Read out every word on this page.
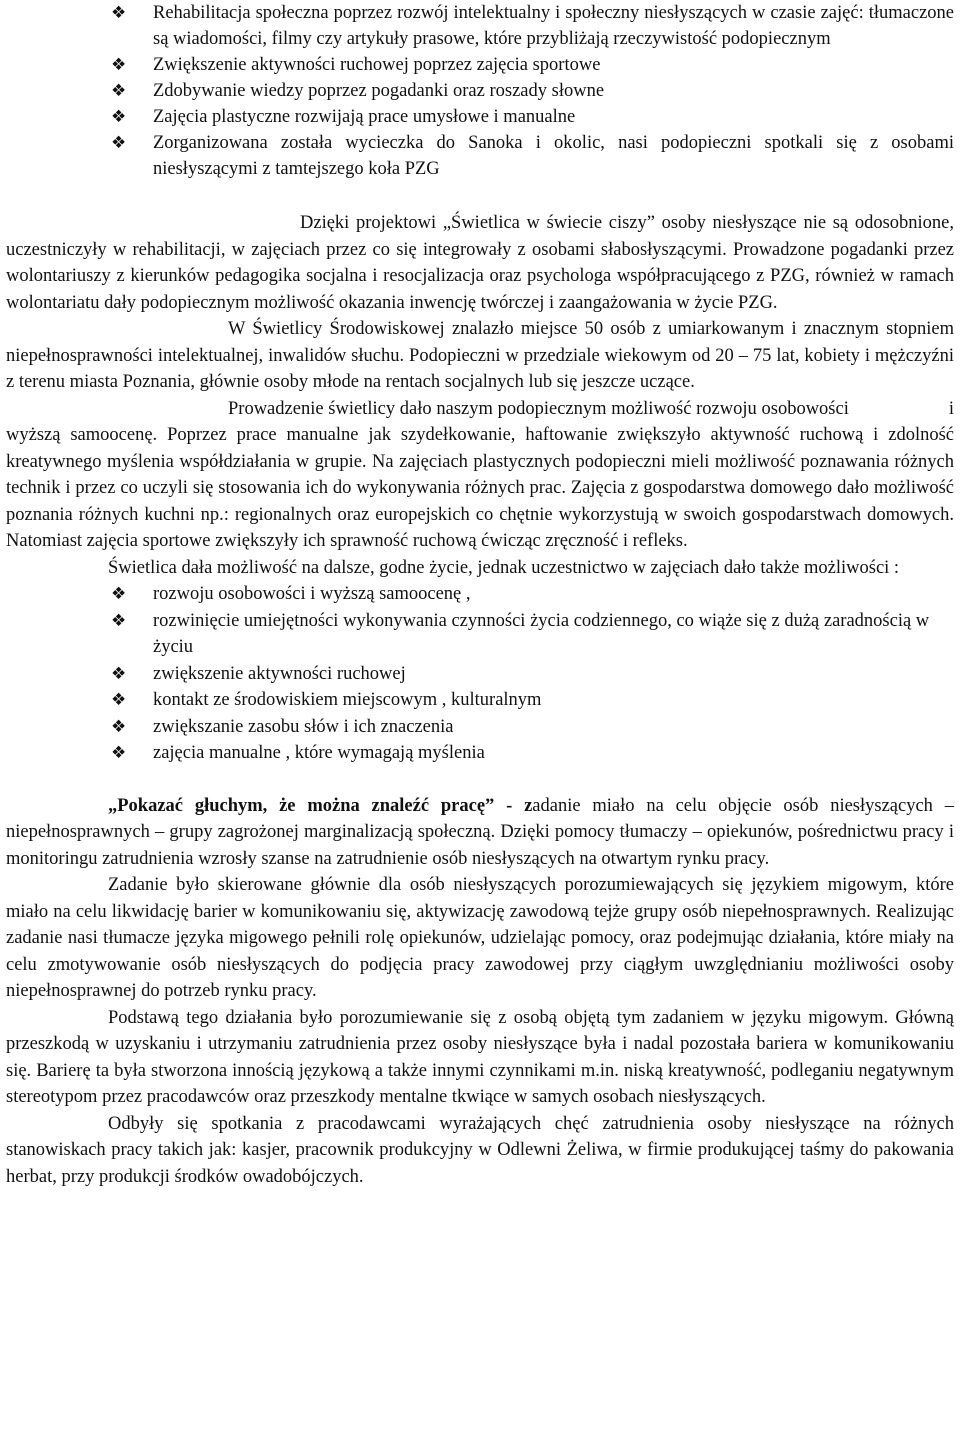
❖ Rehabilitacja społeczna poprzez rozwój intelektualny i społeczny niesłyszących w czasie zajęć: tłumaczone są wiadomości, filmy czy artykuły prasowe, które przybliżają rzeczywistość podopiecznym
❖ Zwiększenie aktywności ruchowej poprzez zajęcia sportowe
❖ Zdobywanie wiedzy poprzez pogadanki oraz roszady słowne
❖ Zajęcia plastyczne rozwijają prace umysłowe i manualne
❖ Zorganizowana została wycieczka do Sanoka i okolic, nasi podopieczni spotkali się z osobami niesłyszącymi z tamtejszego koła PZG

Dzięki projektowi „Świetlica w świecie ciszy” osoby niesłyszące nie są odosobnione, uczestniczyły w rehabilitacji, w zajęciach przez co się integrowały z osobami słabosłyszącymi. Prowadzone pogadanki przez wolontariuszy z kierunków pedagogika socjalna i resocjalizacja oraz psychologa współpracującego z PZG, również w ramach wolontariatu dały podopiecznym możliwość okazania inwencję twórczej i zaangażowania w życie PZG.

W Świetlicy Środowiskowej znalazło miejsce 50 osób z umiarkowanym i znacznym stopniem niepełnosprawności intelektualnej, inwalidów słuchu. Podopieczni w przedziale wiekowym od 20 – 75 lat, kobiety i mężczyźni z terenu miasta Poznania, głównie osoby młode na rentach socjalnych lub się jeszcze uczące.

Prowadzenie świetlicy dało naszym podopiecznym możliwość rozwoju osobowości	i wyższą samoocenę. Poprzez prace manualne jak szydełkowanie, haftowanie zwiększyło aktywność ruchową i zdolność kreatywnego myślenia współdziałania w grupie. Na zajęciach plastycznych podopieczni mieli możliwość poznawania różnych technik i przez co uczyli się stosowania ich do wykonywania różnych prac. Zajęcia z gospodarstwa domowego dało możliwość poznania różnych kuchni np.: regionalnych oraz europejskich co chętnie wykorzystują w swoich gospodarstwach domowych. Natomiast zajęcia sportowe zwiększyły ich sprawność ruchową ćwicząc zręczność i refleks.

Świetlica dała możliwość na dalsze, godne życie, jednak uczestnictwo w zajęciach dało także możliwości :

❖ rozwoju osobowości i wyższą samoocenę ,
❖ rozwinięcie umiejętności wykonywania czynności życia codziennego, co wiąże się z dużą zaradnością w życiu
❖ zwiększenie aktywności ruchowej
❖ kontakt ze środowiskiem miejscowym , kulturalnym
❖ zwiększanie zasobu słów i ich znaczenia
❖ zajęcia manualne , które wymagają myślenia

„Pokazać głuchym, że można znaleźć pracę” - zadanie miało na celu objęcie osób niesłyszących – niepełnosprawnych – grupy zagrożonej marginalizacją społeczną. Dzięki pomocy tłumaczy – opiekunów, pośrednictwu pracy i monitoringu zatrudnienia wzrosły szanse na zatrudnienie osób niesłyszących na otwartym rynku pracy.

Zadanie było skierowane głównie dla osób niesłyszących porozumiewających się językiem migowym, które miało na celu likwidację barier w komunikowaniu się, aktywizację zawodową tejże grupy osób niepełnosprawnych. Realizując zadanie nasi tłumacze języka migowego pełnili rolę opiekunów, udzielając pomocy, oraz podejmując działania, które miały na celu zmotywowanie osób niesłyszących do podjęcia pracy zawodowej przy ciągłym uwzględnianiu możliwości osoby niepełnosprawnej do potrzeb rynku pracy.

Podstawą tego działania było porozumiewanie się z osobą objętą tym zadaniem w języku migowym. Główną przeszkodą w uzyskaniu i utrzymaniu zatrudnienia przez osoby niesłyszące była i nadal pozostała bariera w komunikowaniu się. Barierę ta była stworzona innością językową a także innymi czynnikami m.in. niską kreatywność, podleganiu negatywnym stereotypom przez pracodawców oraz przeszkody mentalne tkwiące w samych osobach niesłyszących.

Odbyły się spotkania z pracodawcami wyrażających chęć zatrudnienia osoby niesłyszące na różnych stanowiskach pracy takich jak: kasjer, pracownik produkcyjny w Odlewni Żeliwa, w firmie produkującej taśmy do pakowania herbat, przy produkcji środków owadobójczych.
